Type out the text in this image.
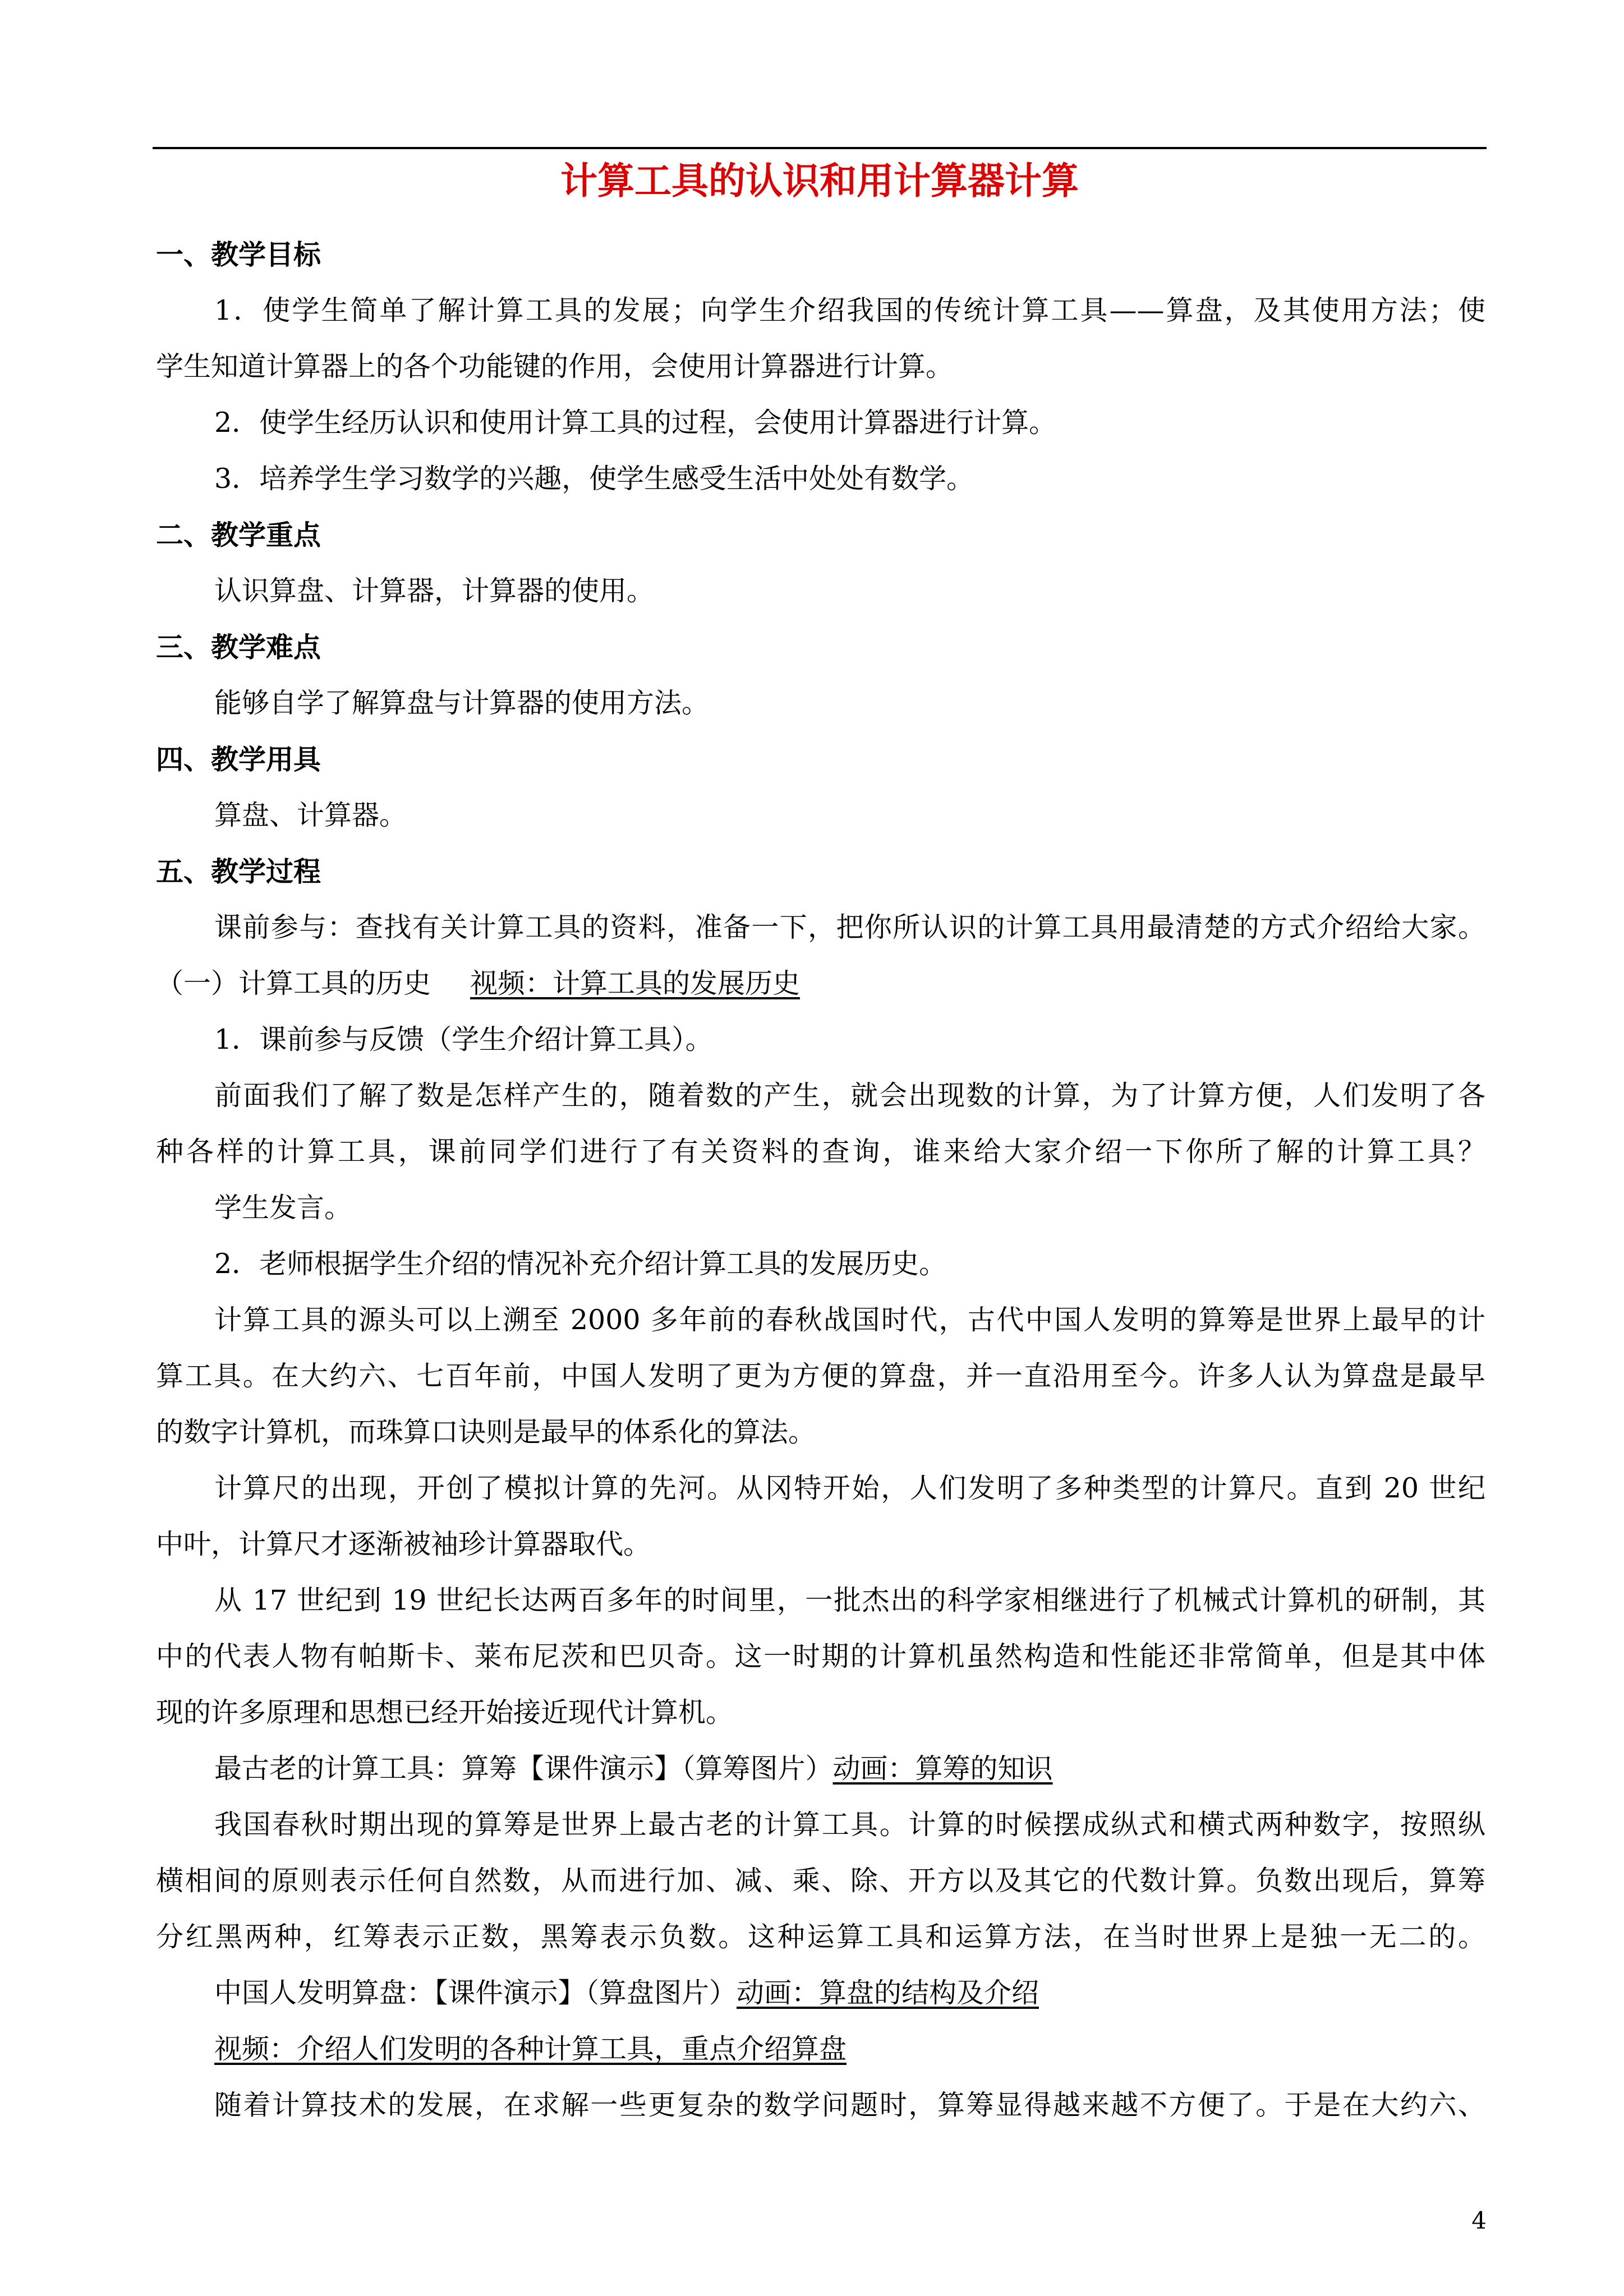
计算工具的认识和用计算器计算
一、教学目标
1．使学生简单了解计算工具的发展；向学生介绍我国的传统计算工具——算盘，及其使用方法；使
学生知道计算器上的各个功能键的作用，会使用计算器进行计算。
2．使学生经历认识和使用计算工具的过程，会使用计算器进行计算。
3．培养学生学习数学的兴趣，使学生感受生活中处处有数学。
二、教学重点
认识算盘、计算器，计算器的使用。
三、教学难点
能够自学了解算盘与计算器的使用方法。
四、教学用具
算盘、计算器。
五、教学过程
课前参与：查找有关计算工具的资料，准备一下，把你所认识的计算工具用最清楚的方式介绍给大家。
（一）计算工具的历史 视频：计算工具的发展历史
1．课前参与反馈（学生介绍计算工具）。
前面我们了解了数是怎样产生的，随着数的产生，就会出现数的计算，为了计算方便，人们发明了各
种各样的计算工具，课前同学们进行了有关资料的查询，谁来给大家介绍一下你所了解的计算工具？
学生发言。
2．老师根据学生介绍的情况补充介绍计算工具的发展历史。
计算工具的源头可以上溯至 2000 多年前的春秋战国时代，古代中国人发明的算筹是世界上最早的计
算工具。在大约六、七百年前，中国人发明了更为方便的算盘，并一直沿用至今。许多人认为算盘是最早
的数字计算机，而珠算口诀则是最早的体系化的算法。
计算尺的出现，开创了模拟计算的先河。从冈特开始，人们发明了多种类型的计算尺。直到 20 世纪
中叶，计算尺才逐渐被袖珍计算器取代。
从 17 世纪到 19 世纪长达两百多年的时间里，一批杰出的科学家相继进行了机械式计算机的研制，其
中的代表人物有帕斯卡、莱布尼茨和巴贝奇。这一时期的计算机虽然构造和性能还非常简单，但是其中体
现的许多原理和思想已经开始接近现代计算机。
最古老的计算工具：算筹【课件演示】（算筹图片）动画：算筹的知识
我国春秋时期出现的算筹是世界上最古老的计算工具。计算的时候摆成纵式和横式两种数字，按照纵
横相间的原则表示任何自然数，从而进行加、减、乘、除、开方以及其它的代数计算。负数出现后，算筹
分红黑两种，红筹表示正数，黑筹表示负数。这种运算工具和运算方法，在当时世界上是独一无二的。
中国人发明算盘：【课件演示】（算盘图片）动画：算盘的结构及介绍
视频：介绍人们发明的各种计算工具，重点介绍算盘
随着计算技术的发展，在求解一些更复杂的数学问题时，算筹显得越来越不方便了。于是在大约六、
4
